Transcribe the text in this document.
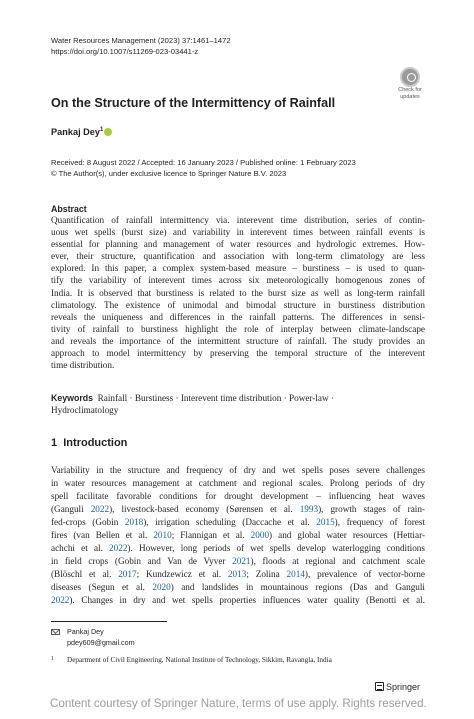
Water Resources Management (2023) 37:1461–1472
https://doi.org/10.1007/s11269-023-03441-z
Check for
updates
On the Structure of the Intermittency of Rainfall
Pankaj Dey$^1$
Received: 8 August 2022 / Accepted: 16 January 2023 / Published online: 1 February 2023
© The Author(s), under exclusive licence to Springer Nature B.V. 2023
Abstract
Quantification of rainfall intermittency via. interevent time distribution, series of contin-
uous wet spells (burst size) and variability in interevent times between rainfall events is
essential for planning and management of water resources and hydrologic extremes. How-
ever, their structure, quantification and association with long-term climatology are less
explored. In this paper, a complex system-based measure – burstiness – is used to quan-
tify the variability of interevent times across six meteorologically homogenous zones of
India. It is observed that burstiness is related to the burst size as well as long-term rainfall
climatology. The existence of unimodal and bimodal structure in burstiness distribution
reveals the uniqueness and differences in the rainfall patterns. The differences in sensi-
tivity of rainfall to burstiness highlight the role of interplay between climate-landscape
and reveals the importance of the intermittent structure of rainfall. The study provides an
approach to model intermittency by preserving the temporal structure of the interevent
time distribution.
Keywords Rainfall · Burstiness · Interevent time distribution · Power-law ·
Hydroclimatology
1 Introduction
Variability in the structure and frequency of dry and wet spells poses severe challenges
in water resources management at catchment and regional scales. Prolong periods of dry
spell facilitate favorable conditions for drought development – influencing heat waves
(Ganguli 2022), livestock-based economy (Sørensen et al. 1993), growth stages of rain-
fed-crops (Gobin 2018), irrigation scheduling (Daccache et al. 2015), frequency of forest
fires (van Bellen et al. 2010; Flannigan et al. 2000) and global water resources (Hettiar-
achchi et al. 2022). However, long periods of wet spells develop waterlogging conditions
in field crops (Gobin and Van de Vyver 2021), floods at regional and catchment scale
(Blöschl et al. 2017; Kundzewicz et al. 2013; Zolina 2014), prevalence of vector-borne
diseases (Segun et al. 2020) and landslides in mountainous regions (Das and Ganguli
2022). Changes in dry and wet spells properties influences water quality (Benotti et al.
Pankaj Dey
pdey609@gmail.com
1 Department of Civil Engineering, National Institute of Technology, Sikkim, Ravangla, India
Springer
Content courtesy of Springer Nature, terms of use apply. Rights reserved.
